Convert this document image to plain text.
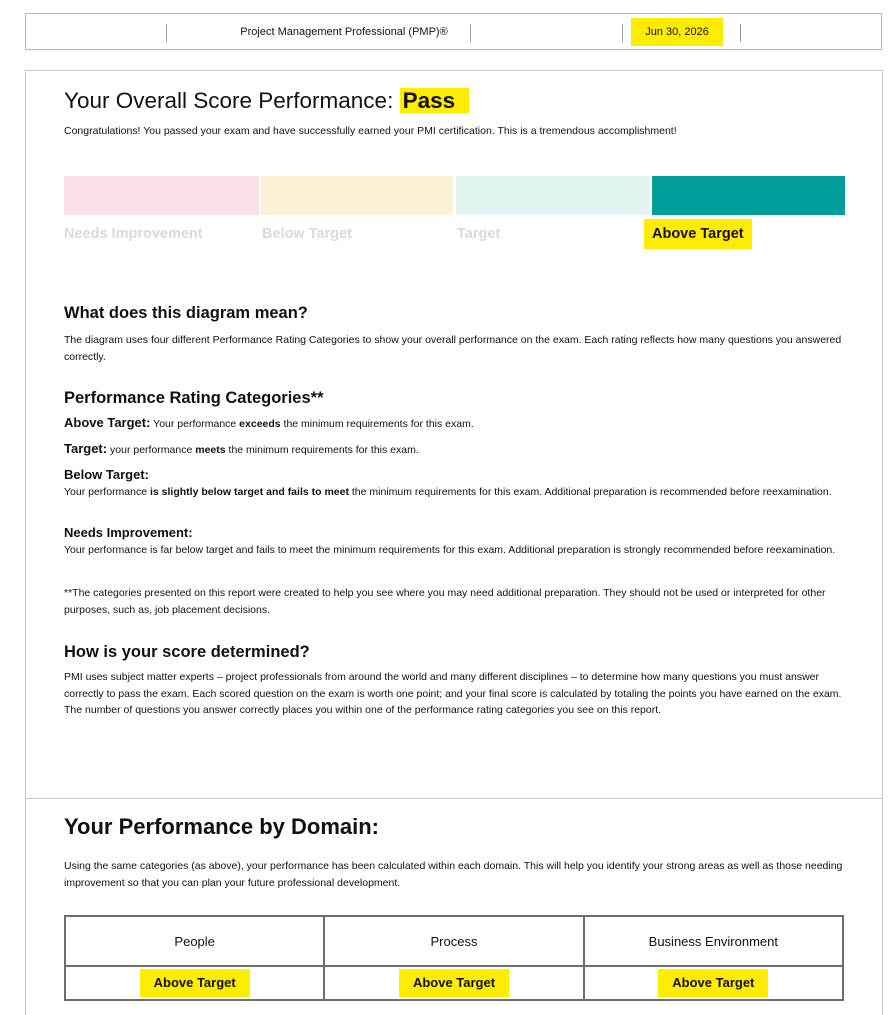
Project Management Professional (PMP)®	Jun 30, 2026
Your Overall Score Performance: Pass
Congratulations! You passed your exam and have successfully earned your PMI certification. This is a tremendous accomplishment!
Needs Improvement	Below Target	Target	Above Target
What does this diagram mean?
The diagram uses four different Performance Rating Categories to show your overall performance on the exam. Each rating reflects how many questions you answered correctly.
Performance Rating Categories**
Above Target: Your performance exceeds the minimum requirements for this exam.
Target: your performance meets the minimum requirements for this exam.
Below Target:
Your performance is slightly below target and fails to meet the minimum requirements for this exam. Additional preparation is recommended before reexamination.
Needs Improvement:
Your performance is far below target and fails to meet the minimum requirements for this exam. Additional preparation is strongly recommended before reexamination.
**The categories presented on this report were created to help you see where you may need additional preparation. They should not be used or interpreted for other purposes, such as, job placement decisions.
How is your score determined?
PMI uses subject matter experts – project professionals from around the world and many different disciplines – to determine how many questions you must answer correctly to pass the exam. Each scored question on the exam is worth one point; and your final score is calculated by totaling the points you have earned on the exam. The number of questions you answer correctly places you within one of the performance rating categories you see on this report.
Your Performance by Domain:
Using the same categories (as above), your performance has been calculated within each domain. This will help you identify your strong areas as well as those needing improvement so that you can plan your future professional development.
People	Process	Business Environment
Above Target	Above Target	Above Target
